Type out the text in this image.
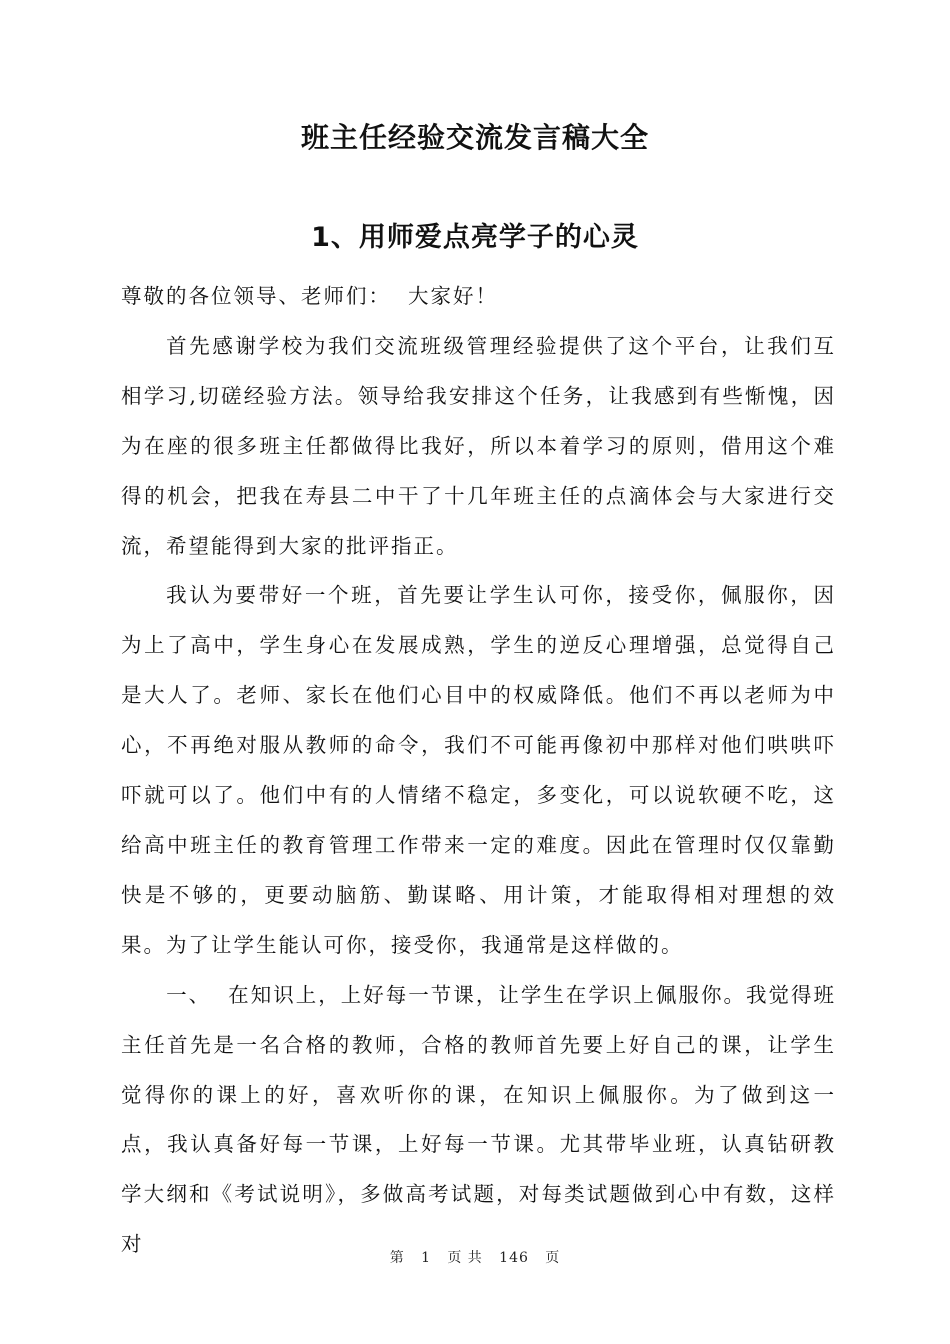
班主任经验交流发言稿大全
1、用师爱点亮学子的心灵

尊敬的各位领导、老师们：  大家好！

首先感谢学校为我们交流班级管理经验提供了这个平台，让我们互相学习,切磋经验方法。领导给我安排这个任务，让我感到有些惭愧，因为在座的很多班主任都做得比我好，所以本着学习的原则，借用这个难得的机会，把我在寿县二中干了十几年班主任的点滴体会与大家进行交流，希望能得到大家的批评指正。

我认为要带好一个班，首先要让学生认可你，接受你，佩服你，因为上了高中，学生身心在发展成熟，学生的逆反心理增强，总觉得自己是大人了。老师、家长在他们心目中的权威降低。他们不再以老师为中心，不再绝对服从教师的命令，我们不可能再像初中那样对他们哄哄吓吓就可以了。他们中有的人情绪不稳定，多变化，可以说软硬不吃，这给高中班主任的教育管理工作带来一定的难度。因此在管理时仅仅靠勤快是不够的，更要动脑筋、勤谋略、用计策，才能取得相对理想的效果。为了让学生能认可你，接受你，我通常是这样做的。

一、  在知识上，上好每一节课，让学生在学识上佩服你。我觉得班主任首先是一名合格的教师，合格的教师首先要上好自己的课，让学生觉得你的课上的好，喜欢听你的课，在知识上佩服你。为了做到这一点，我认真备好每一节课，上好每一节课。尤其带毕业班，认真钻研教学大纲和《考试说明》，多做高考试题，对每类试题做到心中有数，这样对

第 1 页 共 146 页
